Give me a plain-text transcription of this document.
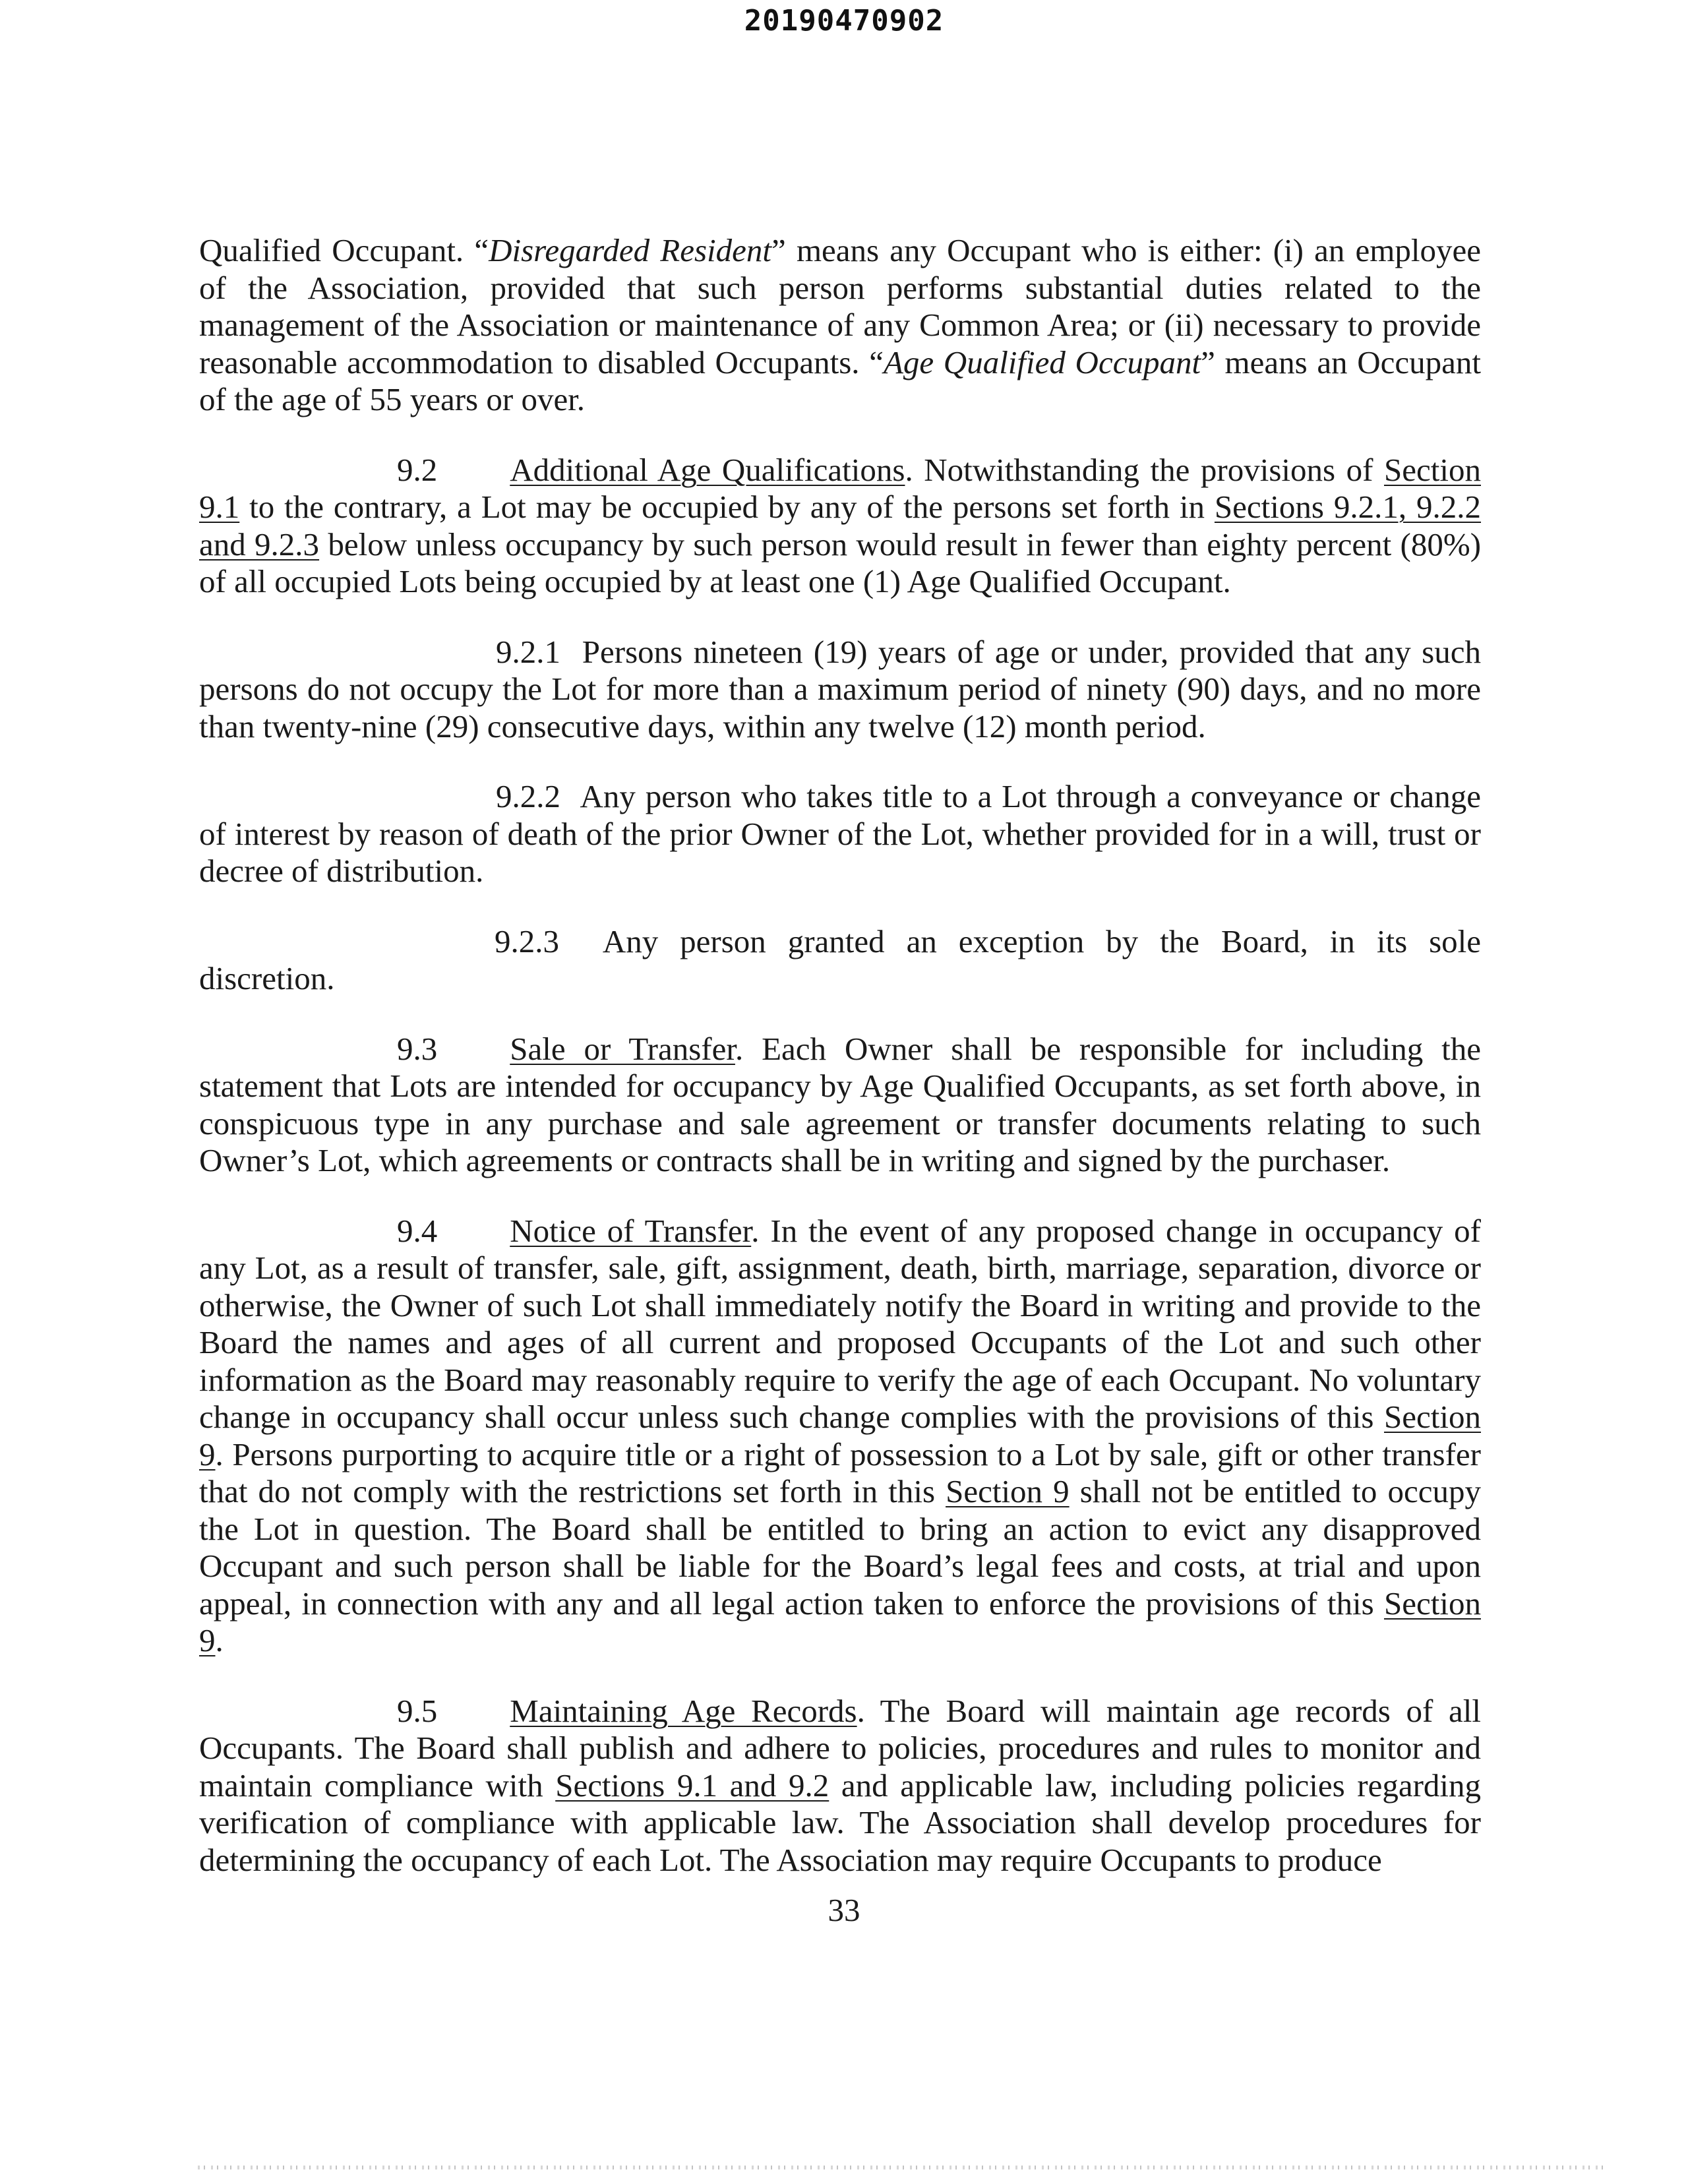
20190470902

Qualified Occupant. “Disregarded Resident” means any Occupant who is either: (i) an employee of the Association, provided that such person performs substantial duties related to the management of the Association or maintenance of any Common Area; or (ii) necessary to provide reasonable accommodation to disabled Occupants. “Age Qualified Occupant” means an Occupant of the age of 55 years or over.

9.2 Additional Age Qualifications. Notwithstanding the provisions of Section 9.1 to the contrary, a Lot may be occupied by any of the persons set forth in Sections 9.2.1, 9.2.2 and 9.2.3 below unless occupancy by such person would result in fewer than eighty percent (80%) of all occupied Lots being occupied by at least one (1) Age Qualified Occupant.

9.2.1 Persons nineteen (19) years of age or under, provided that any such persons do not occupy the Lot for more than a maximum period of ninety (90) days, and no more than twenty-nine (29) consecutive days, within any twelve (12) month period.

9.2.2 Any person who takes title to a Lot through a conveyance or change of interest by reason of death of the prior Owner of the Lot, whether provided for in a will, trust or decree of distribution.

9.2.3 Any person granted an exception by the Board, in its sole
discretion.

9.3 Sale or Transfer. Each Owner shall be responsible for including the statement that Lots are intended for occupancy by Age Qualified Occupants, as set forth above, in conspicuous type in any purchase and sale agreement or transfer documents relating to such Owner’s Lot, which agreements or contracts shall be in writing and signed by the purchaser.

9.4 Notice of Transfer. In the event of any proposed change in occupancy of any Lot, as a result of transfer, sale, gift, assignment, death, birth, marriage, separation, divorce or otherwise, the Owner of such Lot shall immediately notify the Board in writing and provide to the Board the names and ages of all current and proposed Occupants of the Lot and such other information as the Board may reasonably require to verify the age of each Occupant. No voluntary change in occupancy shall occur unless such change complies with the provisions of this Section 9. Persons purporting to acquire title or a right of possession to a Lot by sale, gift or other transfer that do not comply with the restrictions set forth in this Section 9 shall not be entitled to occupy the Lot in question. The Board shall be entitled to bring an action to evict any disapproved Occupant and such person shall be liable for the Board’s legal fees and costs, at trial and upon appeal, in connection with any and all legal action taken to enforce the provisions of this Section 9.

9.5 Maintaining Age Records. The Board will maintain age records of all Occupants. The Board shall publish and adhere to policies, procedures and rules to monitor and maintain compliance with Sections 9.1 and 9.2 and applicable law, including policies regarding verification of compliance with applicable law. The Association shall develop procedures for determining the occupancy of each Lot. The Association may require Occupants to produce

33
